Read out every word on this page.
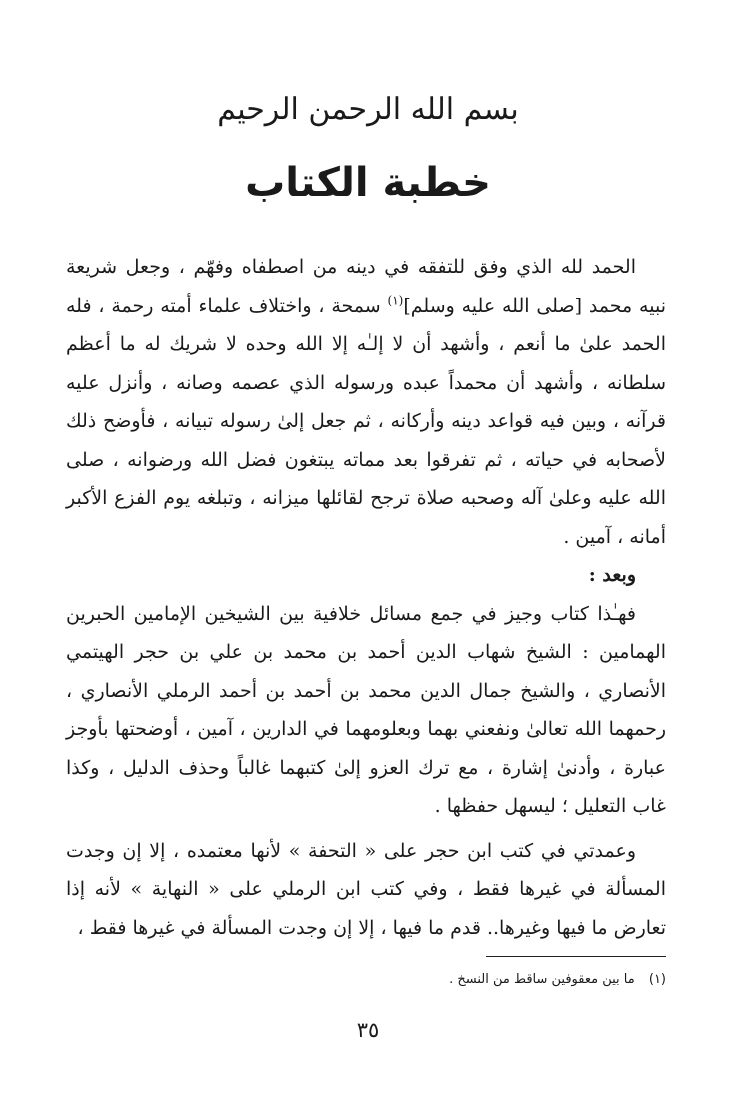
بسم الله الرحمن الرحيم
خطبة الكتاب

الحمد لله الذي وفق للتفقه في دينه من اصطفاه وفهّم ، وجعل شريعة نبيه محمد [صلى الله عليه وسلم]$^{(١)}$ سمحة ، واختلاف علماء أمته رحمة ، فله الحمد علىٰ ما أنعم ، وأشهد أن لا إلـٰه إلا الله وحده لا شريك له ما أعظم سلطانه ، وأشهد أن محمداً عبده ورسوله الذي عصمه وصانه ، وأنزل عليه قرآنه ، وبين فيه قواعد دينه وأركانه ، ثم جعل إلىٰ رسوله تبيانه ، فأوضح ذلك لأصحابه في حياته ، ثم تفرقوا بعد مماته يبتغون فضل الله ورضوانه ، صلى الله عليه وعلىٰ آله وصحبه صلاة ترجح لقائلها ميزانه ، وتبلغه يوم الفزع الأكبر أمانه ، آمين .

وبعد :

فهـٰذا كتاب وجيز في جمع مسائل خلافية بين الشيخين الإمامين الحبرين الهمامين : الشيخ شهاب الدين أحمد بن محمد بن علي بن حجر الهيتمي الأنصاري ، والشيخ جمال الدين محمد بن أحمد بن أحمد الرملي الأنصاري ، رحمهما الله تعالىٰ ونفعني بهما وبعلومهما في الدارين ، آمين ، أوضحتها بأوجز عبارة ، وأدنىٰ إشارة ، مع ترك العزو إلىٰ كتبهما غالباً وحذف الدليل ، وكذا غاب التعليل ؛ ليسهل حفظها .

وعمدتي في كتب ابن حجر على « التحفة » لأنها معتمده ، إلا إن وجدت المسألة في غيرها فقط ، وفي كتب ابن الرملي على « النهاية » لأنه إذا تعارض ما فيها وغيرها.. قدم ما فيها ، إلا إن وجدت المسألة في غيرها فقط ،

(١) ما بين معقوفين ساقط من النسخ .
٣٥
